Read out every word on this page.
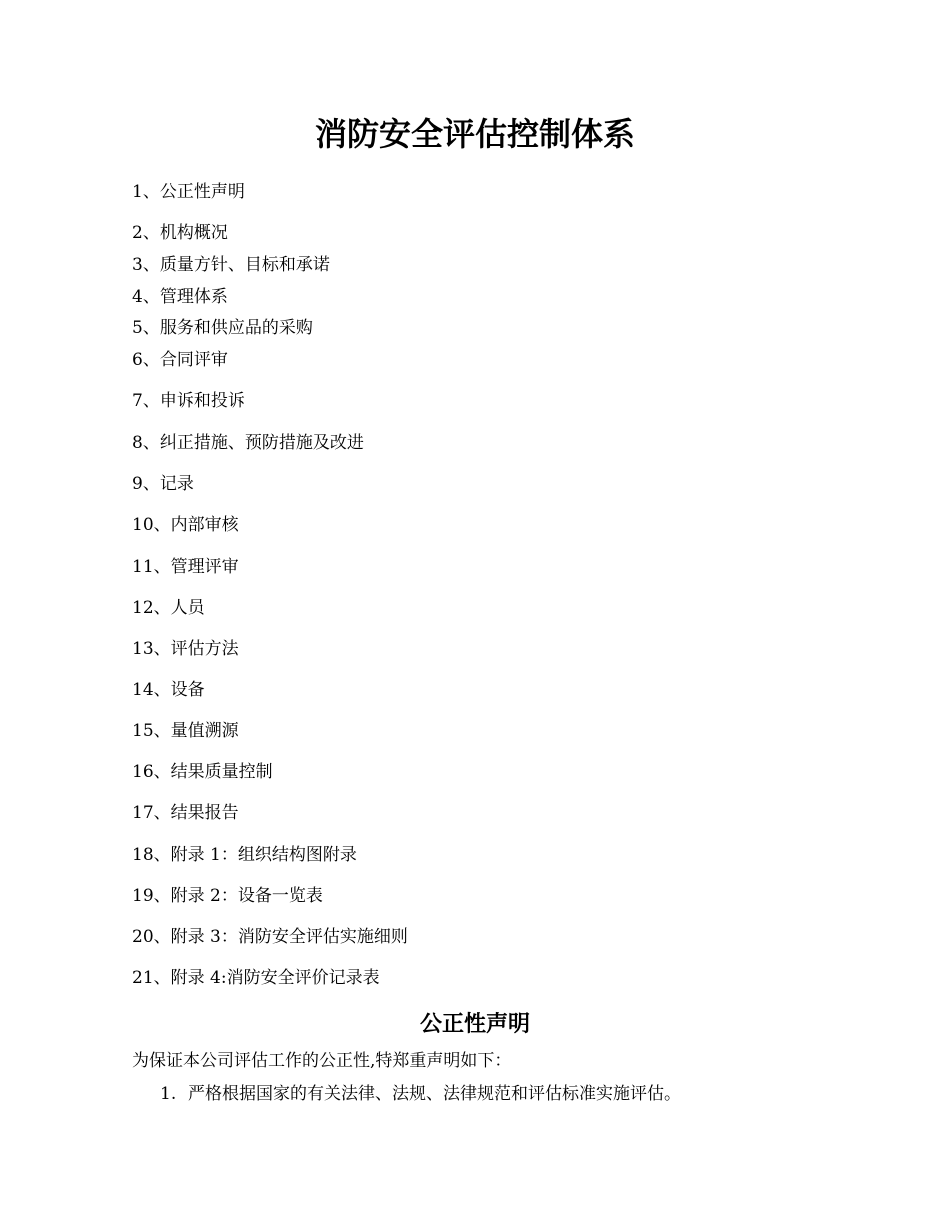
消防安全评估控制体系
1、公正性声明
2、机构概况
3、质量方针、目标和承诺
4、管理体系
5、服务和供应品的采购
6、合同评审
7、申诉和投诉
8、纠正措施、预防措施及改进
9、记录
10、内部审核
11、管理评审
12、人员
13、评估方法
14、设备
15、量值溯源
16、结果质量控制
17、结果报告
18、附录 1：组织结构图附录
19、附录 2：设备一览表
20、附录 3：消防安全评估实施细则
21、附录 4:消防安全评价记录表
公正性声明

为保证本公司评估工作的公正性,特郑重声明如下：

1. 严格根据国家的有关法律、法规、法律规范和评估标准实施评估。
